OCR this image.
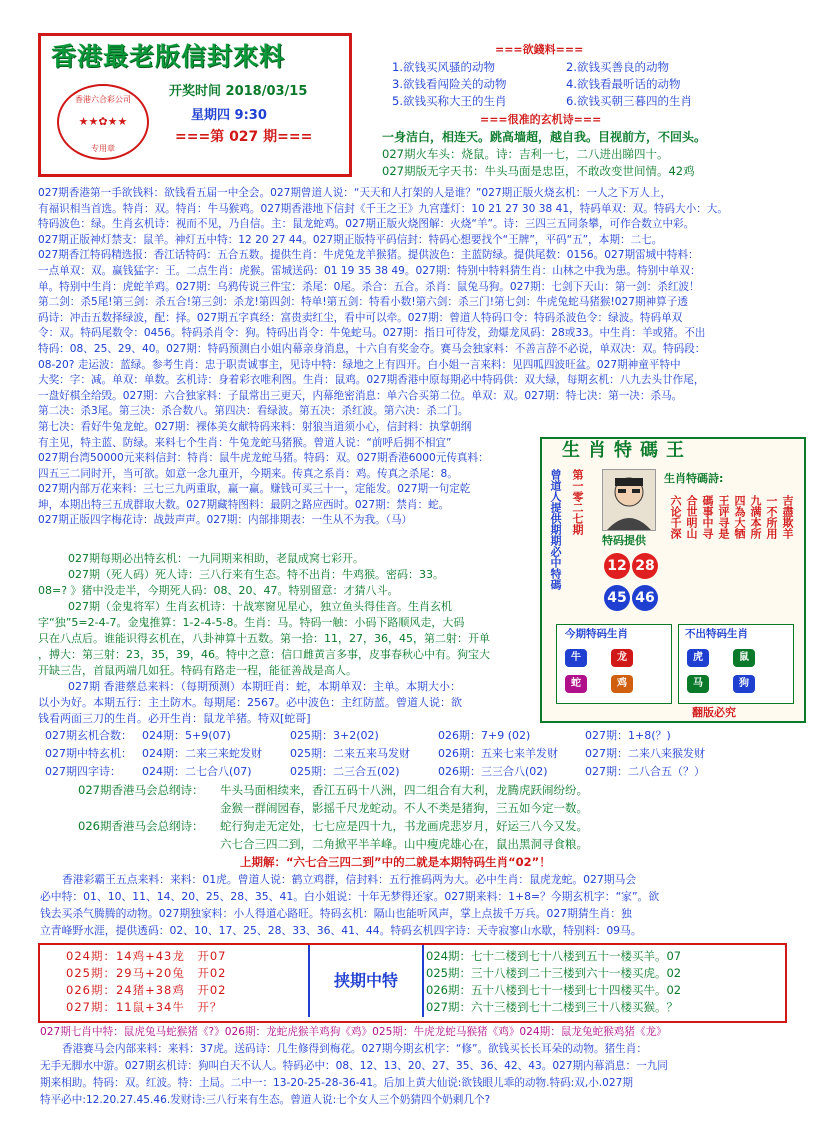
香港最老版信封來料
香港六合彩公司
★★✿★★
专用章
开奖时间 2018/03/15
星期四 9:30
===第 027 期===
===欲錢料===
1.欲钱买风骚的动物	2.欲钱买善良的动物
3.欲钱看闯险关的动物	4.欲钱看最听话的动物
5.欲钱买称大王的生肖	6.欲钱买朝三暮四的生肖
===很准的玄机诗===
一身洁白，相连天。跳高墙超，越自我。目视前方，不回头。
027期火车头：烧鼠。诗：吉利一七，二八进出睇四十。
027期版无字天书：牛头马面是忠臣，不敢改变世间情。42鸡
027期香港第一手欲钱料：欲钱看五届一中全会。027期曾道人说：“天天和人打架的人是谁？”027期正版火烧玄机：一人之下万人上，
有福识相当首选。特肖：双。特肖：牛马猴鸡。027期香港地下信封《千王之王》九宫蓬灯：10 21 27 30 38 41，特码单双：双。特码大小：大。
特码波色：绿。生肖玄机诗：视而不见，乃自信。主：鼠龙蛇鸡。027期正版火烧图解：火烧“羊”。诗：三四三五同条攀，可作合数立中彩。
027期正版神灯禁支：鼠羊。神灯五中特：12 20 27 44。027期正版特平码信封：特码心想要找个“王牌”，平码“五”，本期：二七。
027期香江特码精选报：香江话特码：五合五数。提供生肖：牛虎兔龙羊猴猪。提供波色：主蓝防绿。提供尾数：0156。027期雷城中特料：
一点单双：双。赢钱猛字：王。二点生肖：虎猴。雷城送码：01 19 35 38 49。027期：特别中特料猜生肖：山林之中我为患。特别中单双：
单。特别中生肖：虎蛇羊鸡。027期：乌鸦传说三件宝：杀尾：0尾。杀合：五合。杀肖：鼠兔马狗。027期：七剑下天山：第一剑：杀红波！
第二剑：杀5尾!第三剑：杀五合!第三剑：杀龙!第四剑：特单!第五剑：特看小数!第六剑：杀三门!第七剑：牛虎兔蛇马猪猴!027期神算子透
码诗：冲击五数择绿波，配：择。027期五字真经：富贵卖红尘，看中可以牵。027期：曾道人特码口令：特码杀波色令：绿波。特码单双
令：双。特码尾数令：0456。特码杀肖令：狗。特码出肖令：牛兔蛇马。027期：指日可待发，劲爆龙凤码：28或33。中生肖：羊或猪。不出
特码：08、25、29、40。027期：特码预测白小姐内幕亲身消息，十六自有奖金夺。赛马会独家料：不善言辞不必说，单双决：双。特码段：
08-20? 走运波：蓝绿。参考生肖：忠于职责诚事主，见诗中特：绿地之上有四开。白小姐一言来料：见四呱四波旺盆。027期神童平特中
大奖：字：减。单双：单数。玄机诗：身着彩衣唯利图。生肖：鼠鸡。027期香港中原每期必中特码供：双大绿，每期玄机：八九去头廿作尾，
一盘好棋全给毁。027期：六合独家料：子鼠常出三更天，内幕绝密消息：单六合买第二位。单双：双。027期：特七决：第一决：杀马。
第二决：杀3尾。第三决：杀合数八。第四决：看绿波。第五决：杀红波。第六决：杀二门。
第七决：看好牛兔龙蛇。027期：裸体美女献特码来料：射狼当道须小心，信封料：执掌朝纲
有主见，特主蓝、防绿。来料七个生肖：牛兔龙蛇马猪猴。曾道人说：“前呼后拥不相宜”
027期台湾50000元来料信封：特肖：鼠牛虎龙蛇马猪。特码：双。027期香港6000元传真料：
四五三二同时开，当可欲。如意一念九重开，今期来。传真之系肖：鸡。传真之杀尾：8。
027期内部万花来料：三七三九两重取，赢一赢。赚钱可买三十一，定能发。027期一句定乾
坤，本期出特三五成群取大数。027期藏特图料：最阴之路应西时。027期：禁肖：蛇。
027期正版四字梅花诗：战鼓声声。027期：内部排期表：一生从不为我。（马）
027期每期必出特玄机：一九同期来相助，老鼠成窝七彩开。
027期（死人码）死人诗：三八行来有生态。特不出肖：牛鸡猴。密码：33。
08=? 》猪中没走半，今期死人码：08、20、47。特别留意：才猜八斗。
027期（金鬼将军）生肖玄机诗：十战寒窗见星心，独立鱼头得佳音。生肖玄机
字“独”5=2-4-7。金鬼推算：1-2-4-5-8。生肖：马。特码一触：小码下路顺风走，大码
只在八点后。谁能识得玄机在，八卦神算十五数。第一拾：11，27，36，45，第二射：开单
，搏大：第三射：23，35，39，46。特中之意：信口雌黄言多事，皮事春秋心中有。狗宝大
开缺三告，首鼠两端几如狂。特码有路走一程，能征善战是高人。
027期 香港蔡总来料：（每期预测）本期旺肖：蛇，本期单双：主单。本期大小：
以小为好。本期五行：主土防木。每期尾：2567。必中波色：主红防蓝。曾道人说：欲
钱看两面三刀的生肖。必开生肖：鼠龙羊猪。特双[蛇哥]
生肖特碼王
曾道人提供期期必中特碼 第一零二七期	生肖特碼詩:
六论千深 合世明山 碼事中寻 王评寻是 四為大牺 九满本所 一不所用 吉盡欺羊
特码提供
12 28
45 46
今期特码生肖
牛	龙
蛇	鸡
不出特码生肖
虎	鼠
马	狗
翻版必究
027期玄机合数： 024期：5+9(07)	025期：3+2(02)	026期：7+9 (02)	027期：1+8(？)
027期中特玄机： 024期：二来三来蛇发财	025期：二来五来马发财	026期：五来七来羊发财 027期：二来八来猴发财
027期四字诗： 024期：二七合八(07)	025期：二三合五(02)	026期：三三合八(02)	027期：二八合五（？）
027期香港马会总纲诗： 牛头马面相续来，香江五码十八洲，四二组合有大利，龙腾虎跃闹纷纷。
金猴一群闹园春，影摇千尺龙蛇动。不人不类是猪狗，三五如今定一数。
026期香港马会总纲诗： 蛇行狗走无定处，七七应是四十九，书龙画虎悲岁月，好运三八今又发。
六七合三四二到，二角掀平半羊峰。山中瘦虎雄心在，鼠出黑洞寻食粮。
上期解：“六七合三四二到”中的二就是本期特码生肖“02”！
香港彩霸王五点来料：来料：01虎。曾道人说：鹤立鸡群，信封料：五行推码两为大。必中生肖：鼠虎龙蛇。027期马会
必中特：01、10、11、14、20、25、28、35、41。白小姐说：十年无梦得还家。027期来料：1+8=？今期玄机字：“家”。欲
钱去买杀气腾腾的动物。027期独家料：小人得道心路旺。特码玄机：隔山也能听风声，掌上点拔千万兵。027期猜生肖：独
立青峰野水涯，提供透码：02、10、17、25、28、33、36、41、44。特码玄机四字诗：天寺寂寥山水歇，特别料：09马。
024期：14鸡+43龙　开07
025期：29马+20兔　开02
026期：24猪+38鸡　开02
027期：11鼠+34牛　开？
挟期中特
024期：七十二楼到七十八楼到五十一楼买羊。07
025期：三十八楼到二十三楼到六十一楼买虎。02
026期：五十八楼到七十一楼到七十四楼买牛。02
027期：六十三楼到七十二楼到三十八楼买猴。？
027期七肖中特：鼠虎兔马蛇猴猪《?》026期：龙蛇虎猴羊鸡狗《鸡》025期：牛虎龙蛇马猴猪《鸡》024期：鼠龙兔蛇猴鸡猪《龙》
香港赛马会内部来料：来料：37虎。送码诗：几生修得到梅花。027期今期玄机字：“修”。欲钱买长长耳朵的动物。猪生肖：
无手无脚水中游。027期玄机诗：狗叫白天不认人。特码必中：08、12、13、20、27、35、36、42、43。027期内幕消息：一九同
期来相助。特码：双。红波。特：土局。二中一：13-20-25-28-36-41。后加上黄大仙说:欲钱眼儿乖的动物.特码:双,小.027期
特平必中:12.20.27.45.46.发财诗:三八行来有生态。曾道人说:七个女人三个奶猜四个奶剩几个?
